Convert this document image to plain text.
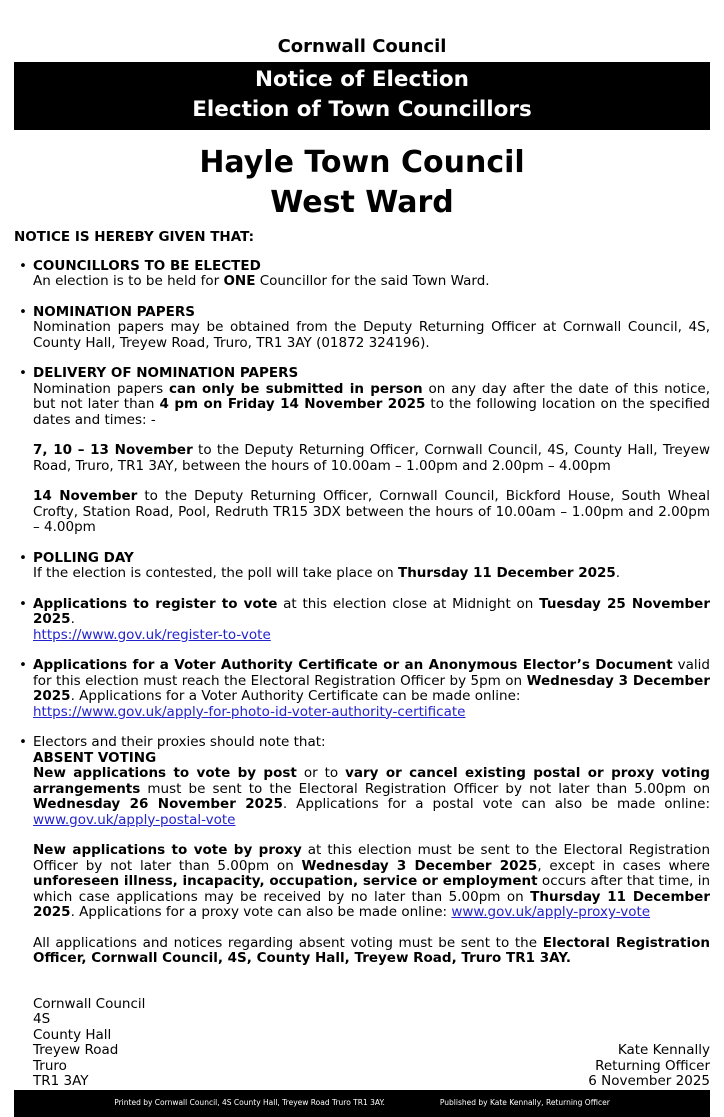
Cornwall Council
Notice of Election
Election of Town Councillors
Hayle Town Council
West Ward
NOTICE IS HEREBY GIVEN THAT:
• COUNCILLORS TO BE ELECTED
An election is to be held for ONE Councillor for the said Town Ward.
• NOMINATION PAPERS
Nomination papers may be obtained from the Deputy Returning Officer at Cornwall Council, 4S, County Hall, Treyew Road, Truro, TR1 3AY (01872 324196).
• DELIVERY OF NOMINATION PAPERS
Nomination papers can only be submitted in person on any day after the date of this notice, but not later than 4 pm on Friday 14 November 2025 to the following location on the specified dates and times: -
7, 10 – 13 November to the Deputy Returning Officer, Cornwall Council, 4S, County Hall, Treyew Road, Truro, TR1 3AY, between the hours of 10.00am – 1.00pm and 2.00pm – 4.00pm
14 November to the Deputy Returning Officer, Cornwall Council, Bickford House, South Wheal Crofty, Station Road, Pool, Redruth TR15 3DX between the hours of 10.00am – 1.00pm and 2.00pm – 4.00pm
• POLLING DAY
If the election is contested, the poll will take place on Thursday 11 December 2025.
• Applications to register to vote at this election close at Midnight on Tuesday 25 November 2025.
https://www.gov.uk/register-to-vote
• Applications for a Voter Authority Certificate or an Anonymous Elector’s Document valid for this election must reach the Electoral Registration Officer by 5pm on Wednesday 3 December 2025. Applications for a Voter Authority Certificate can be made online:
https://www.gov.uk/apply-for-photo-id-voter-authority-certificate
• Electors and their proxies should note that:
ABSENT VOTING
New applications to vote by post or to vary or cancel existing postal or proxy voting arrangements must be sent to the Electoral Registration Officer by not later than 5.00pm on Wednesday 26 November 2025. Applications for a postal vote can also be made online: www.gov.uk/apply-postal-vote
New applications to vote by proxy at this election must be sent to the Electoral Registration Officer by not later than 5.00pm on Wednesday 3 December 2025, except in cases where unforeseen illness, incapacity, occupation, service or employment occurs after that time, in which case applications may be received by no later than 5.00pm on Thursday 11 December 2025. Applications for a proxy vote can also be made online: www.gov.uk/apply-proxy-vote
All applications and notices regarding absent voting must be sent to the Electoral Registration Officer, Cornwall Council, 4S, County Hall, Treyew Road, Truro TR1 3AY.
Cornwall Council
4S
County Hall
Treyew Road
Truro
TR1 3AY
Kate Kennally
Returning Officer
6 November 2025
Printed by Cornwall Council, 4S County Hall, Treyew Road Truro TR1 3AY.	Published by Kate Kennally, Returning Officer
